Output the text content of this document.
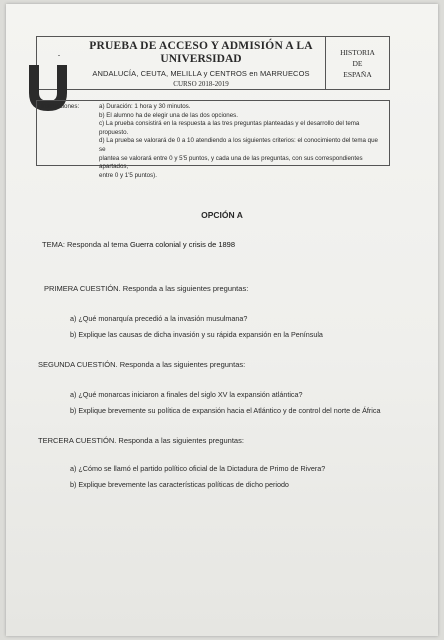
PRUEBA DE ACCESO Y ADMISIÓN A LA
UNIVERSIDAD
ANDALUCÍA, CEUTA, MELILLA y CENTROS en MARRUECOS
CURSO 2018-2019
HISTORIA
DE
ESPAÑA
Instrucciones:	a) Duración: 1 hora y 30 minutos.
b) El alumno ha de elegir una de las dos opciones.
c) La prueba consistirá en la respuesta a las tres preguntas planteadas y el desarrollo del tema propuesto.
d) La prueba se valorará de 0 a 10 atendiendo a los siguientes criterios: el conocimiento del tema que se
plantea se valorará entre 0 y 5'5 puntos, y cada una de las preguntas, con sus correspondientes apartados,
entre 0 y 1'5 puntos).
OPCIÓN A
TEMA: Responda al tema Guerra colonial y crisis de 1898
PRIMERA CUESTIÓN. Responda a las siguientes preguntas:
a) ¿Qué monarquía precedió a la invasión musulmana?
b) Explique las causas de dicha invasión y su rápida expansión en la Península
SEGUNDA CUESTIÓN. Responda a las siguientes preguntas:
a) ¿Qué monarcas iniciaron a finales del siglo XV la expansión atlántica?
b) Explique brevemente su política de expansión hacia el Atlántico y de control del norte de África
TERCERA CUESTIÓN. Responda a las siguientes preguntas:
a) ¿Cómo se llamó el partido político oficial de la Dictadura de Primo de Rivera?
b) Explique brevemente las características políticas de dicho periodo
